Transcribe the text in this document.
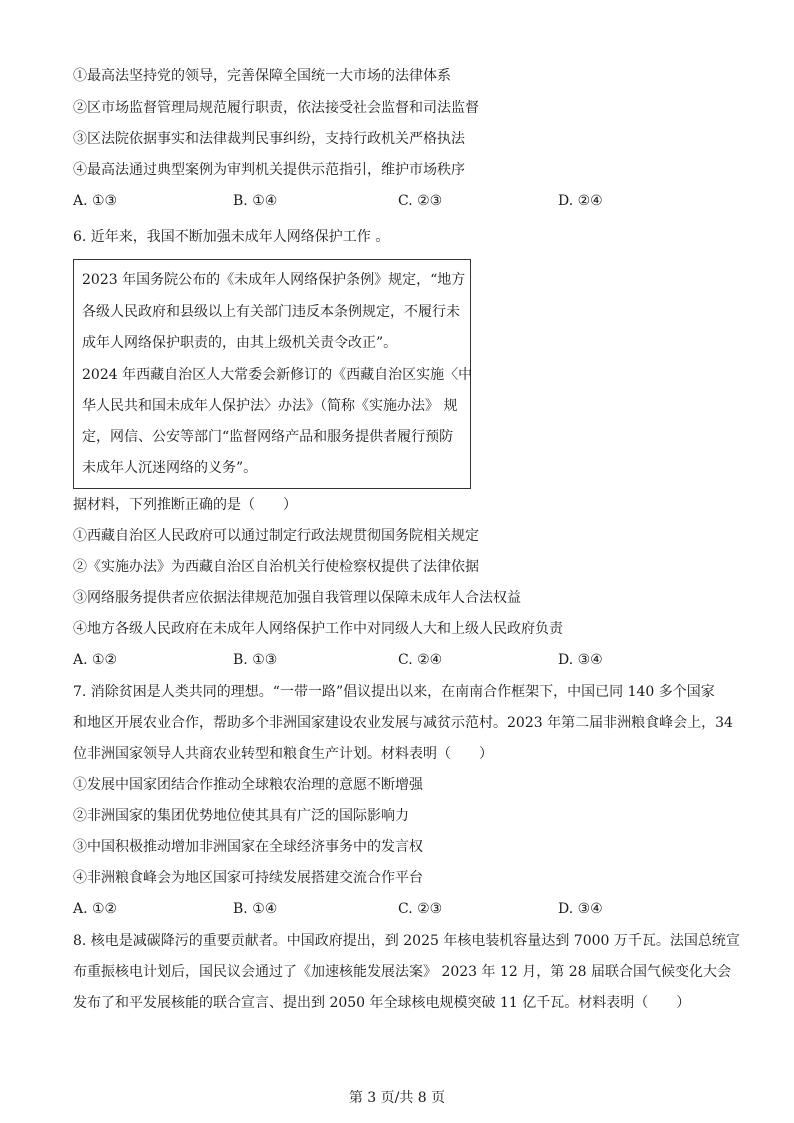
①最高法坚持党的领导，完善保障全国统一大市场的法律体系
②区市场监督管理局规范履行职责，依法接受社会监督和司法监督
③区法院依据事实和法律裁判民事纠纷，支持行政机关严格执法
④最高法通过典型案例为审判机关提供示范指引，维护市场秩序
A. ①③	B. ①④	C. ②③	D. ②④
6. 近年来，我国不断加强未成年人网络保护工作 。
2023 年国务院公布的《未成年人网络保护条例》规定，“地方
各级人民政府和县级以上有关部门违反本条例规定，不履行未
成年人网络保护职责的，由其上级机关责令改正”。
2024 年西藏自治区人大常委会新修订的《西藏自治区实施〈中
华人民共和国未成年人保护法〉办法》（简称《实施办法》 规
定，网信、公安等部门“监督网络产品和服务提供者履行预防
未成年人沉迷网络的义务”。
据材料，下列推断正确的是（　　）
①西藏自治区人民政府可以通过制定行政法规贯彻国务院相关规定
②《实施办法》为西藏自治区自治机关行使检察权提供了法律依据
③网络服务提供者应依据法律规范加强自我管理以保障未成年人合法权益
④地方各级人民政府在未成年人网络保护工作中对同级人大和上级人民政府负责
A. ①②	B. ①③	C. ②④	D. ③④
7. 消除贫困是人类共同的理想。“一带一路”倡议提出以来，在南南合作框架下，中国已同 140 多个国家
和地区开展农业合作，帮助多个非洲国家建设农业发展与减贫示范村。2023 年第二届非洲粮食峰会上，34
位非洲国家领导人共商农业转型和粮食生产计划。材料表明（　　）
①发展中国家团结合作推动全球粮农治理的意愿不断增强
②非洲国家的集团优势地位使其具有广泛的国际影响力
③中国积极推动增加非洲国家在全球经济事务中的发言权
④非洲粮食峰会为地区国家可持续发展搭建交流合作平台
A. ①②	B. ①④	C. ②③	D. ③④
8. 核电是减碳降污的重要贡献者。中国政府提出，到 2025 年核电装机容量达到 7000 万千瓦。法国总统宣
布重振核电计划后，国民议会通过了《加速核能发展法案》 2023 年 12 月，第 28 届联合国气候变化大会
发布了和平发展核能的联合宣言、提出到 2050 年全球核电规模突破 11 亿千瓦。材料表明（　　）
第 3 页/共 8 页
